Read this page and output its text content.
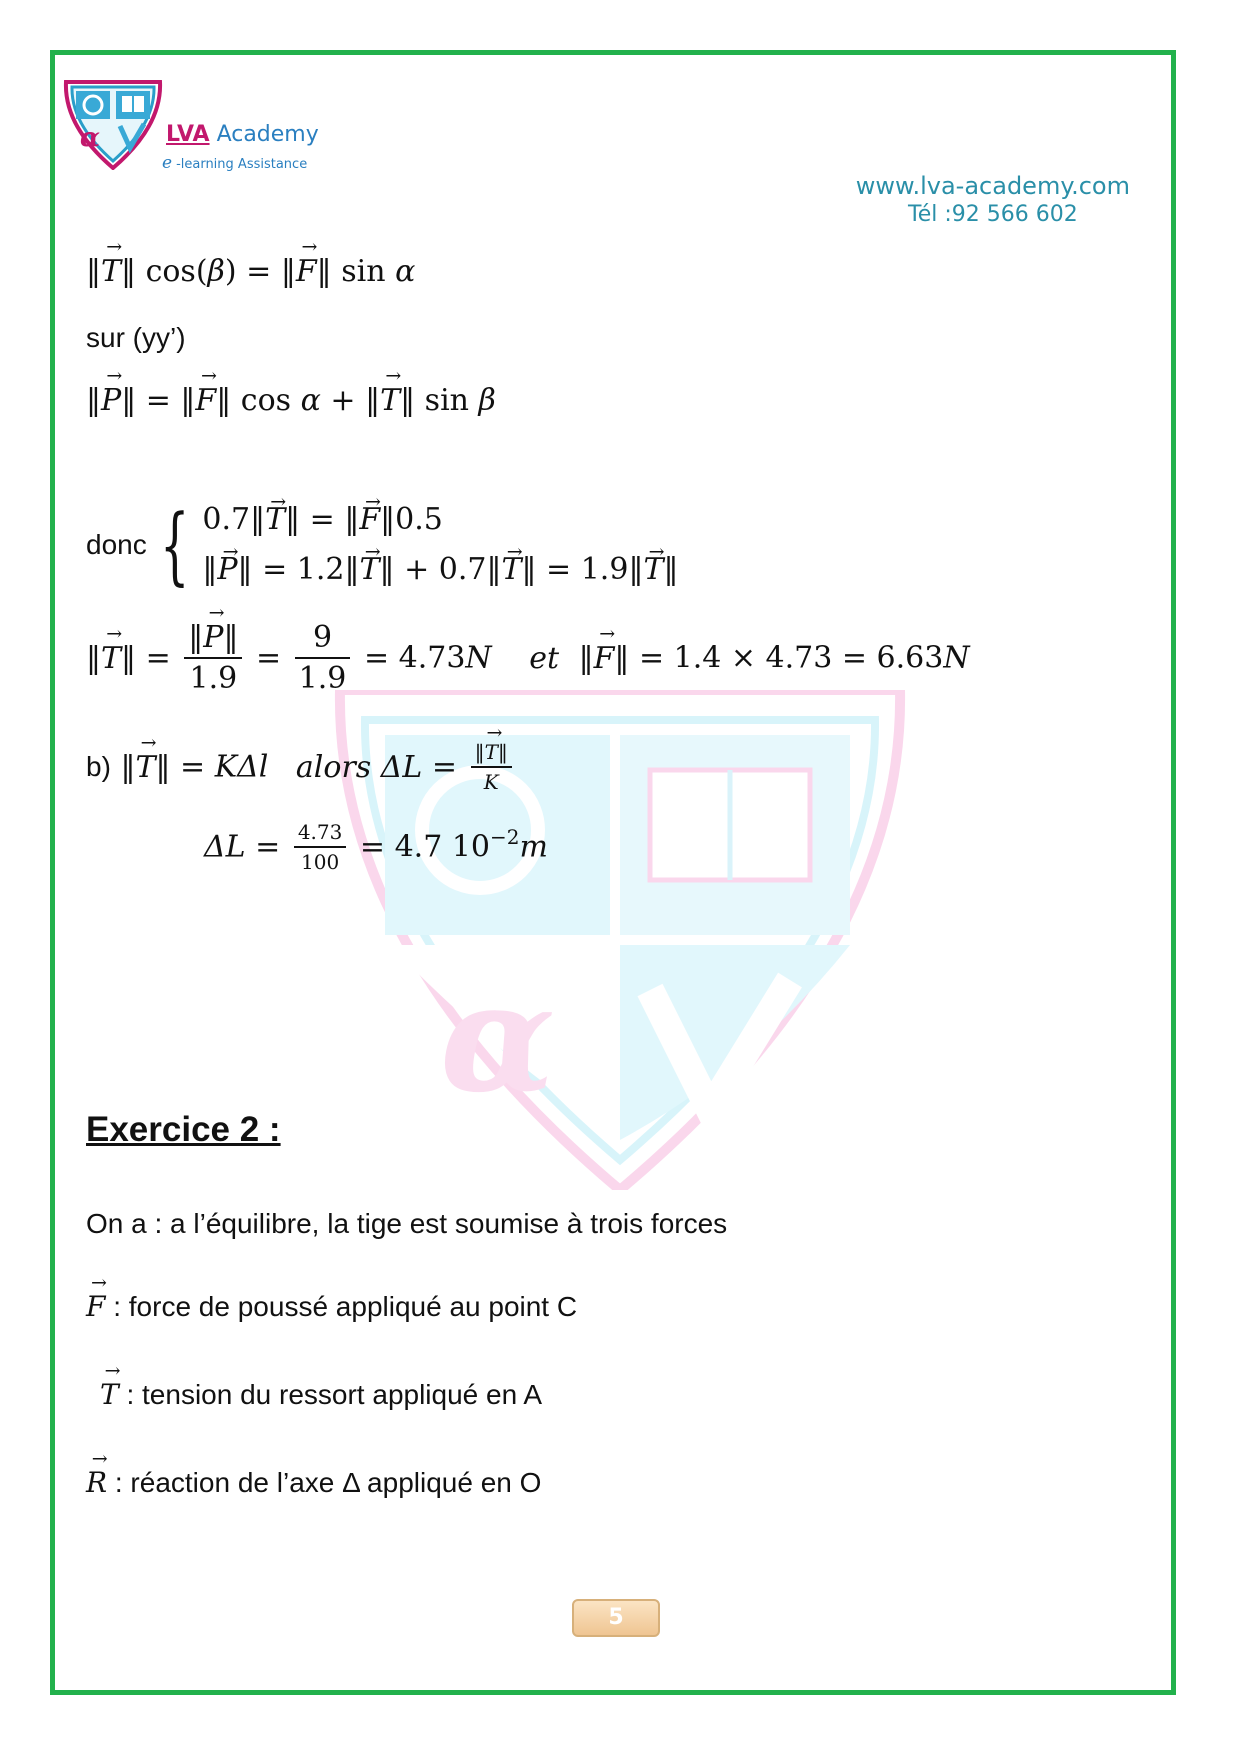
α	LVA Academy
e -learning Assistance
www.lva-academy.com
Tél :92 566 602
α
‖→ T‖ cos(β) = ‖→ F‖ sin α
sur (yy’)
‖→ P‖ = ‖→ F‖ cos α + ‖→ T‖ sin β
donc { 0.7‖→ T‖ = ‖→ F‖0.5
‖→ P‖ = 1.2‖→ T‖ + 0.7‖→ T‖ = 1.9‖→ T‖
‖→ T‖ = $\frac{‖\to P‖}{1.9} = \frac{9}{1.9} = 4.73N$ et ‖→ F‖ = 1.4 × 4.73 = 6.63N
b) ‖→ T‖ = KΔl alors $\Delta L = \frac{‖\to T‖}{K}$
$\Delta L = \frac{4.73}{100} = 4.7$ $10^{-2}m$
Exercice 2 :
On a : a l’équilibre, la tige est soumise à trois forces
→ F : force de poussé appliqué au point C
→ T : tension du ressort appliqué en A
→ R : réaction de l’axe Δ appliqué en O
5
